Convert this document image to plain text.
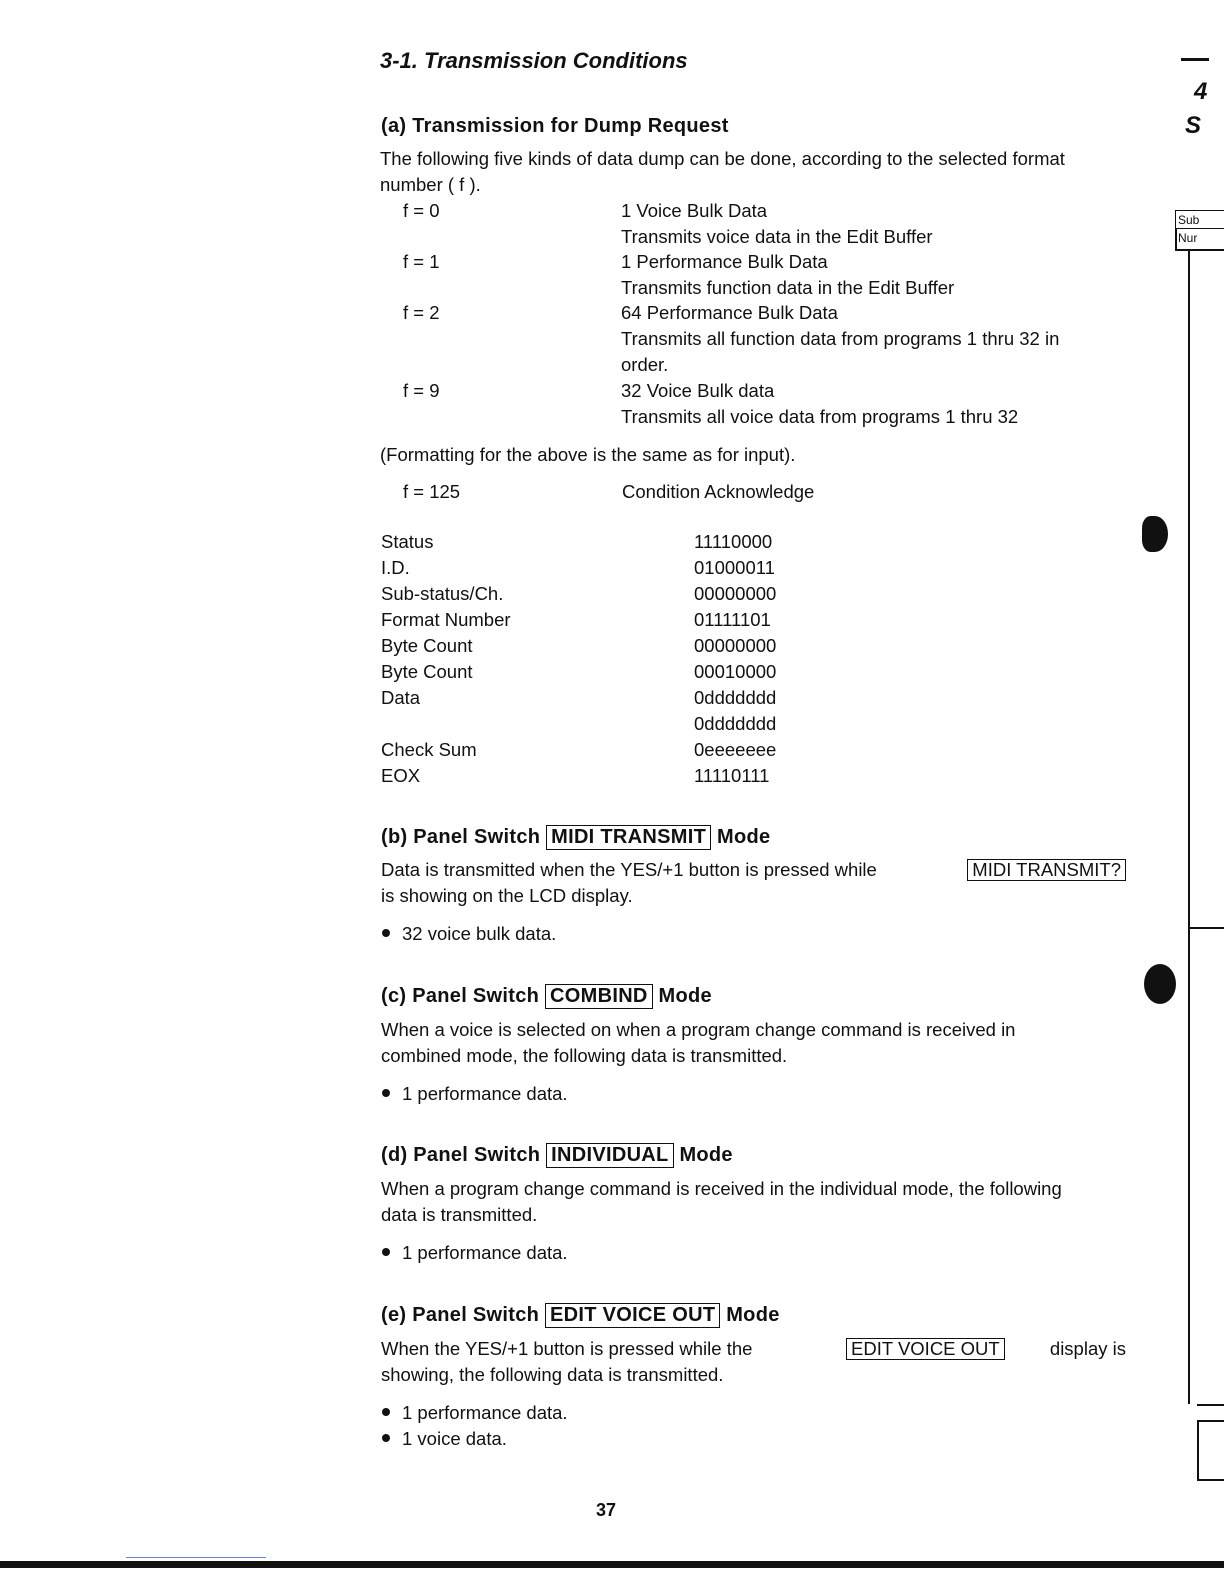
3-1. Transmission Conditions
(a) Transmission for Dump Request
The following five kinds of data dump can be done, according to the selected format
number ( f ).
f = 0	1 Voice Bulk Data
Transmits voice data in the Edit Buffer
f = 1	1 Performance Bulk Data
Transmits function data in the Edit Buffer
f = 2	64 Performance Bulk Data
Transmits all function data from programs 1 thru 32 in
order.
f = 9	32 Voice Bulk data
Transmits all voice data from programs 1 thru 32
(Formatting for the above is the same as for input).
f = 125	Condition Acknowledge
Status	11110000
I.D.	01000011
Sub-status/Ch.	00000000
Format Number	01111101
Byte Count	00000000
Byte Count	00010000
Data	0ddddddd
0ddddddd
Check Sum	0eeeeeee
EOX	11110111
(b) Panel Switch MIDI TRANSMIT Mode
Data is transmitted when the YES/+1 button is pressed while	MIDI TRANSMIT?
is showing on the LCD display.
32 voice bulk data.
(c) Panel Switch COMBIND Mode
When a voice is selected on when a program change command is received in
combined mode, the following data is transmitted.
1 performance data.
(d) Panel Switch INDIVIDUAL Mode
When a program change command is received in the individual mode, the following
data is transmitted.
1 performance data.
(e) Panel Switch EDIT VOICE OUT Mode
When the YES/+1 button is pressed while the	EDIT VOICE OUT	display is
showing, the following data is transmitted.
1 performance data.
1 voice data.
37
4
S
Sub
Nur
